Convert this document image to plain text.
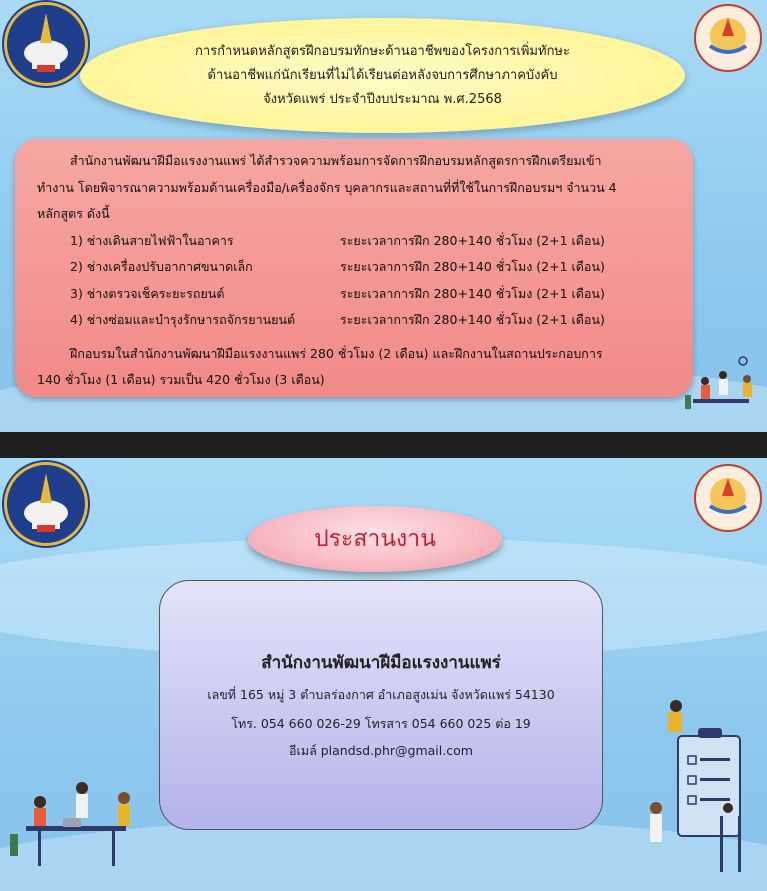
การกำหนดหลักสูตรฝึกอบรมทักษะด้านอาชีพของโครงการเพิ่มทักษะ
ด้านอาชีพแก่นักเรียนที่ไม่ได้เรียนต่อหลังจบการศึกษาภาคบังคับ
จังหวัดแพร่ ประจำปีงบประมาณ พ.ศ.2568

สำนักงานพัฒนาฝีมือแรงงานแพร่ ได้สำรวจความพร้อมการจัดการฝึกอบรมหลักสูตรการฝึกเตรียมเข้า

ทำงาน โดยพิจารณาความพร้อมด้านเครื่องมือ/เครื่องจักร บุคลากรและสถานที่ที่ใช้ในการฝึกอบรมฯ จำนวน 4

หลักสูตร ดังนี้

1) ช่างเดินสายไฟฟ้าในอาคาร	ระยะเวลาการฝึก 280+140 ชั่วโมง (2+1 เดือน)
2) ช่างเครื่องปรับอากาศขนาดเล็ก	ระยะเวลาการฝึก 280+140 ชั่วโมง (2+1 เดือน)
3) ช่างตรวจเช็คระยะรถยนต์	ระยะเวลาการฝึก 280+140 ชั่วโมง (2+1 เดือน)
4) ช่างซ่อมและบำรุงรักษารถจักรยานยนต์	ระยะเวลาการฝึก 280+140 ชั่วโมง (2+1 เดือน)

ฝึกอบรมในสำนักงานพัฒนาฝีมือแรงงานแพร่ 280 ชั่วโมง (2 เดือน) และฝึกงานในสถานประกอบการ

140 ชั่วโมง (1 เดือน) รวมเป็น 420 ชั่วโมง (3 เดือน)

ประสานงาน
สำนักงานพัฒนาฝีมือแรงงานแพร่
เลขที่ 165 หมู่ 3 ตำบลร่องกาศ อำเภอสูงเม่น จังหวัดแพร่ 54130
โทร. 054 660 026-29 โทรสาร 054 660 025 ต่อ 19
อีเมล์ plandsd.phr@gmail.com
